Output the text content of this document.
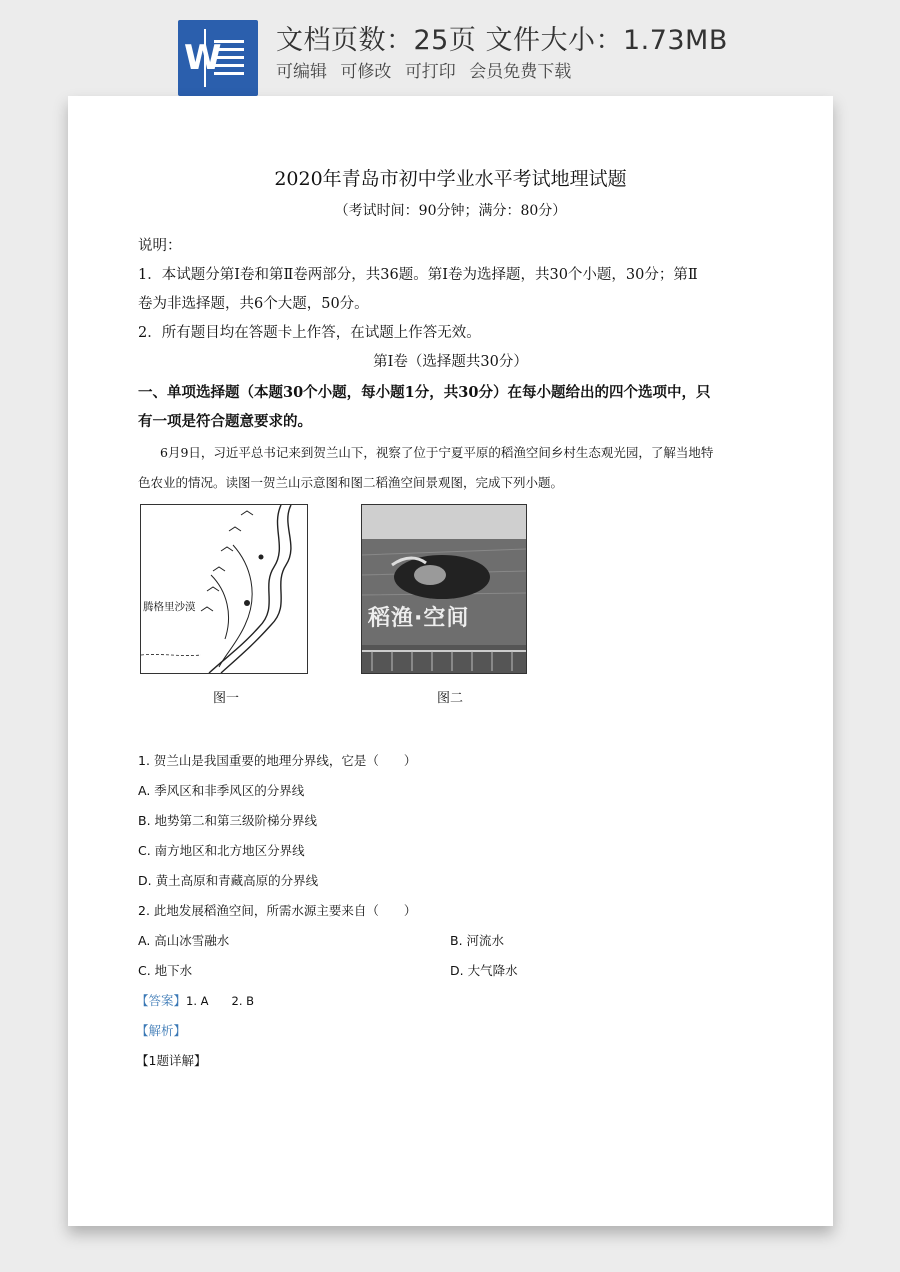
W 文档页数：25页 文件大小：1.73MB
可编辑 可修改 可打印 会员免费下载
2020年青岛市初中学业水平考试地理试题
（考试时间：90分钟；满分：80分）
说明：
1．本试题分第Ⅰ卷和第Ⅱ卷两部分，共36题。第Ⅰ卷为选择题，共30个小题，30分；第Ⅱ
卷为非选择题，共6个大题，50分。
2．所有题目均在答题卡上作答，在试题上作答无效。
第Ⅰ卷（选择题共30分）
一、单项选择题（本题30个小题，每小题1分，共30分）在每小题给出的四个选项中，只
有一项是符合题意要求的。
6月9日，习近平总书记来到贺兰山下，视察了位于宁夏平原的稻渔空间乡村生态观光园，了解当地特
色农业的情况。读图一贺兰山示意图和图二稻渔空间景观图，完成下列小题。
腾格里沙漠
图一
稻渔·空间
图二
1. 贺兰山是我国重要的地理分界线，它是（　　）
A. 季风区和非季风区的分界线
B. 地势第二和第三级阶梯分界线
C. 南方地区和北方地区分界线
D. 黄土高原和青藏高原的分界线
2. 此地发展稻渔空间，所需水源主要来自（　　）
A. 高山冰雪融水	B. 河流水
C. 地下水	D. 大气降水
【答案】1. A　　2. B
【解析】
【1题详解】
